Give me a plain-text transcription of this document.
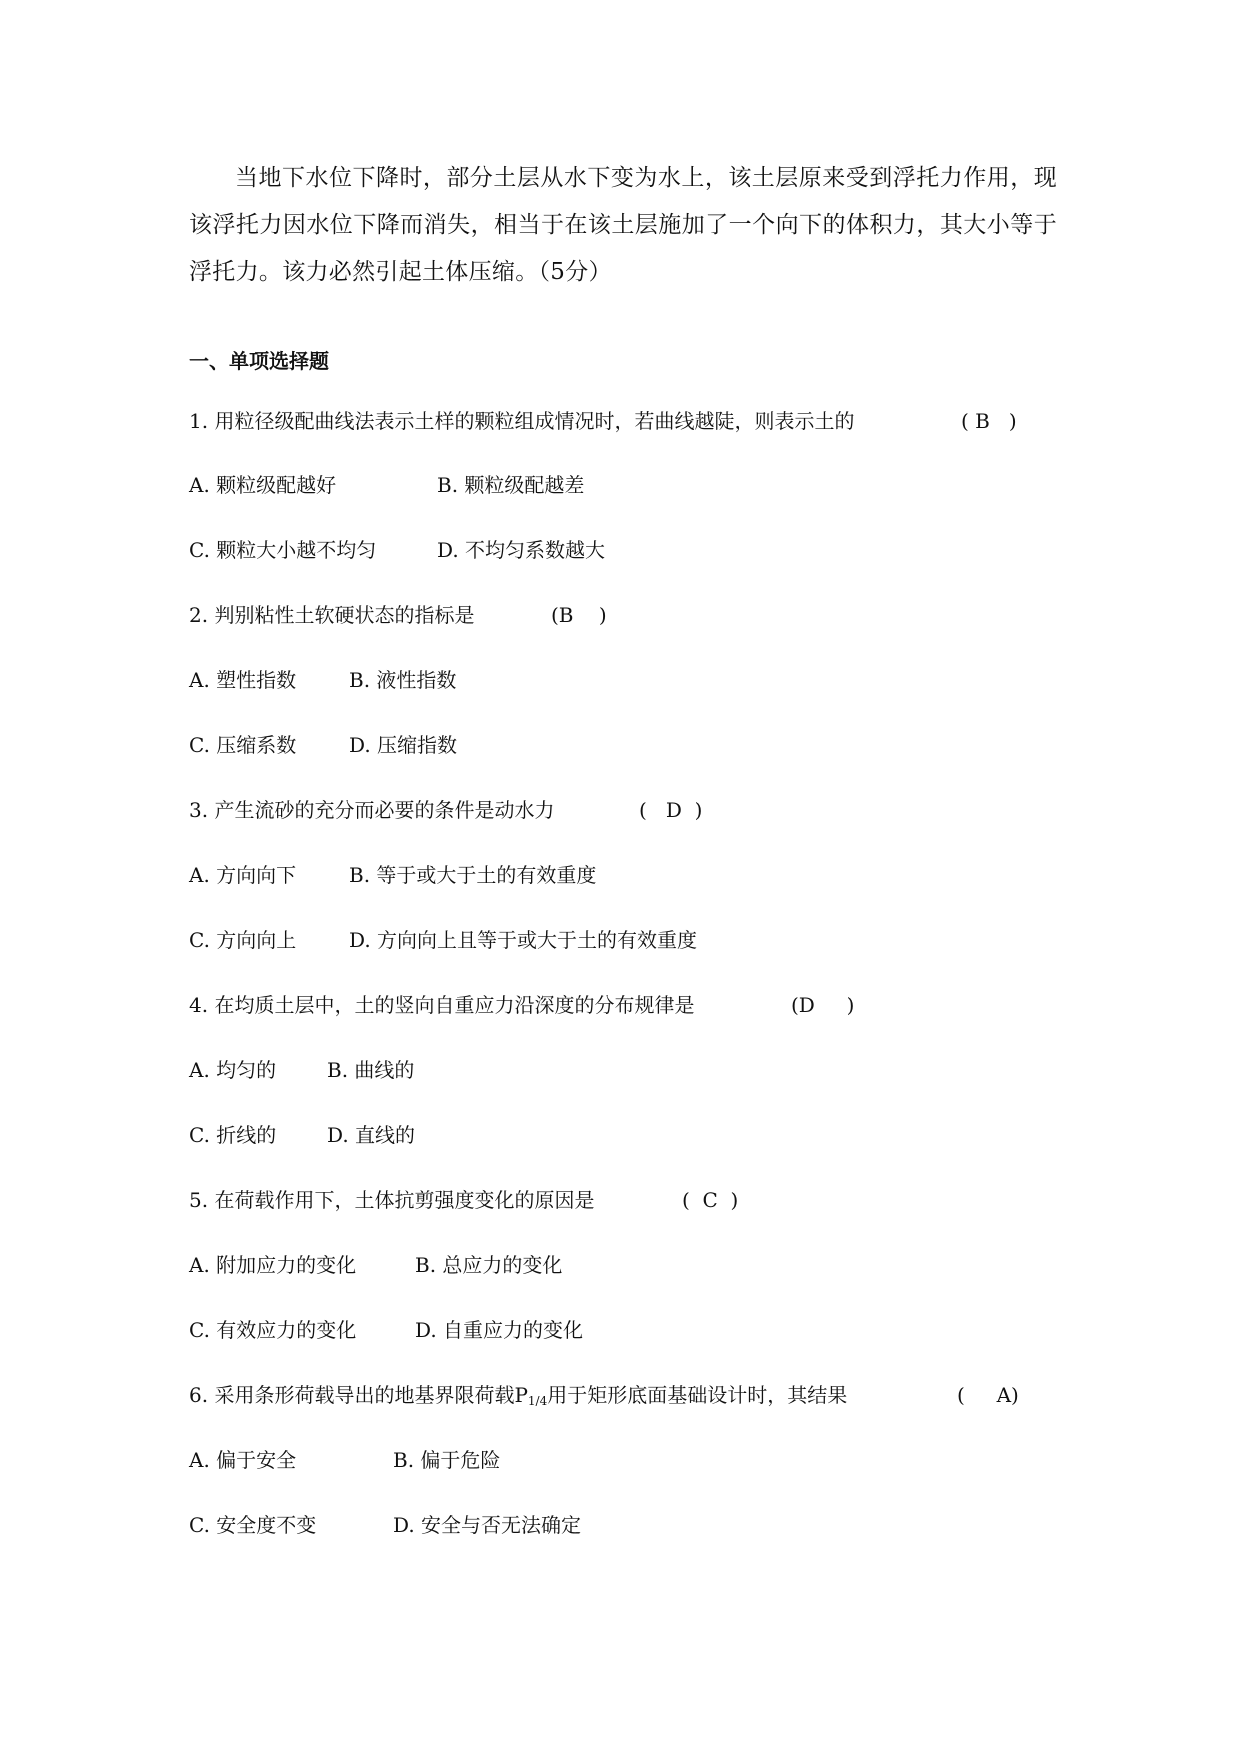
当地下水位下降时，部分土层从水下变为水上，该土层原来受到浮托力作用，现该浮托力因水位下降而消失，相当于在该土层施加了一个向下的体积力，其大小等于浮托力。该力必然引起土体压缩。（5分）

一、单项选择题
1. 用粒径级配曲线法表示土样的颗粒组成情况时，若曲线越陡，则表示土的	( B   )
A. 颗粒级配越好	B. 颗粒级配越差
C. 颗粒大小越不均匀	D. 不均匀系数越大
2. 判别粘性土软硬状态的指标是	(B    )
A. 塑性指数	B. 液性指数
C. 压缩系数	D. 压缩指数
3. 产生流砂的充分而必要的条件是动水力	(   D  )
A. 方向向下	B. 等于或大于土的有效重度
C. 方向向上	D. 方向向上且等于或大于土的有效重度
4. 在均质土层中，土的竖向自重应力沿深度的分布规律是	(D     )
A. 均匀的	B. 曲线的
C. 折线的	D. 直线的
5. 在荷载作用下，土体抗剪强度变化的原因是	(  C  )
A. 附加应力的变化	B. 总应力的变化
C. 有效应力的变化	D. 自重应力的变化
6. 采用条形荷载导出的地基界限荷载$P_{1/4}$用于矩形底面基础设计时，其结果	(     A)
A. 偏于安全	B. 偏于危险
C. 安全度不变	D. 安全与否无法确定
